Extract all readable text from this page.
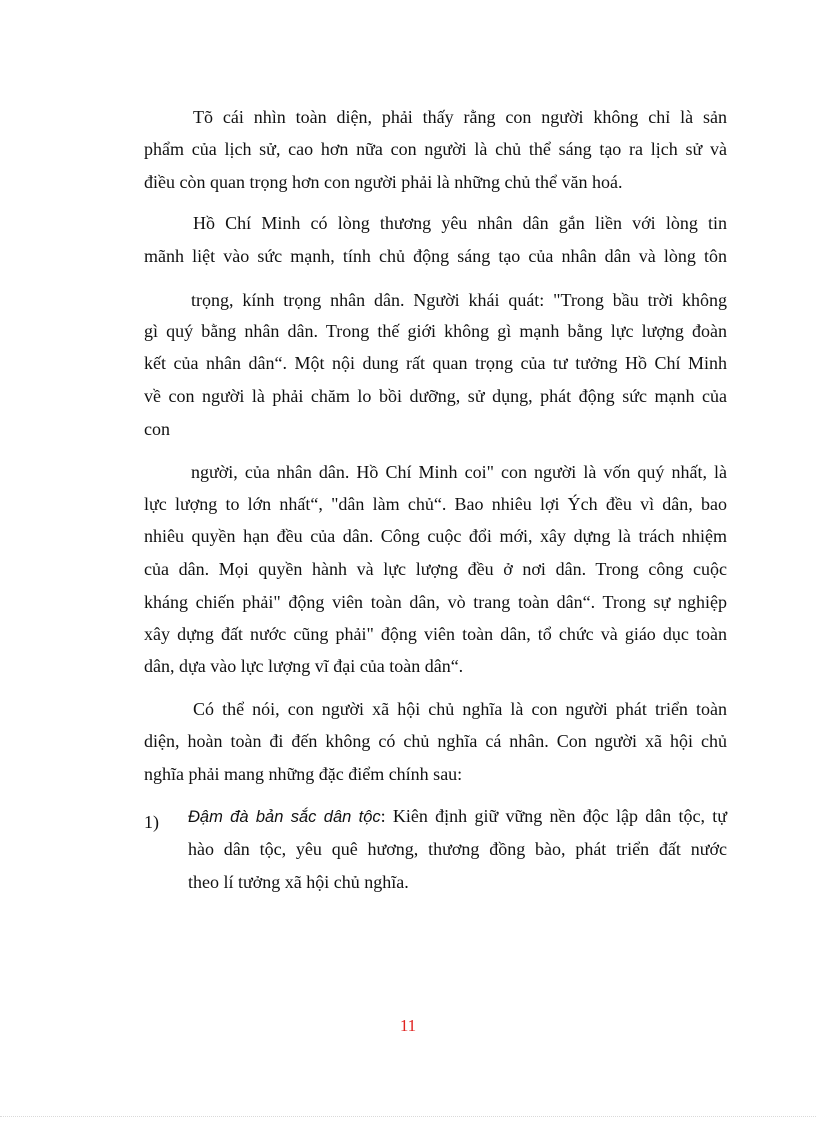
Tõ cái nhìn toàn diện, phải thấy rằng con người không chỉ là sản
phẩm của lịch sử, cao hơn nữa con người là chủ thể sáng tạo ra lịch sử và
điều còn quan trọng hơn con người phải là những chủ thể văn hoá.
Hồ Chí Minh có lòng thương yêu nhân dân gắn liền với lòng tin
mãnh liệt vào sức mạnh, tính chủ động sáng tạo của nhân dân và lòng tôn
trọng, kính trọng nhân dân. Người khái quát: "Trong bầu trời không
gì quý bằng nhân dân. Trong thế giới không gì mạnh bằng lực lượng đoàn
kết của nhân dân“. Một nội dung rất quan trọng của tư tưởng Hồ Chí Minh
về con người là phải chăm lo bồi dưỡng, sử dụng, phát động sức mạnh của
con
người, của nhân dân. Hồ Chí Minh coi" con người là vốn quý nhất, là
lực lượng to lớn nhất“, "dân làm chủ“. Bao nhiêu lợi Ých đều vì dân, bao
nhiêu quyền hạn đều của dân. Công cuộc đổi mới, xây dựng là trách nhiệm
của dân. Mọi quyền hành và lực lượng đều ở nơi dân. Trong công cuộc
kháng chiến phải" động viên toàn dân, vò trang toàn dân“. Trong sự nghiệp
xây dựng đất nước cũng phải" động viên toàn dân, tổ chức và giáo dục toàn
dân, dựa vào lực lượng vĩ đại của toàn dân“.
Có thể nói, con người xã hội chủ nghĩa là con người phát triển toàn
diện, hoàn toàn đi đến không có chủ nghĩa cá nhân. Con người xã hội chủ
nghĩa phải mang những đặc điểm chính sau:
1) Đậm đà bản sắc dân tộc: Kiên định giữ vững nền độc lập dân tộc, tự
hào dân tộc, yêu quê hương, thương đồng bào, phát triển đất nước
theo lí tưởng xã hội chủ nghĩa.
11
